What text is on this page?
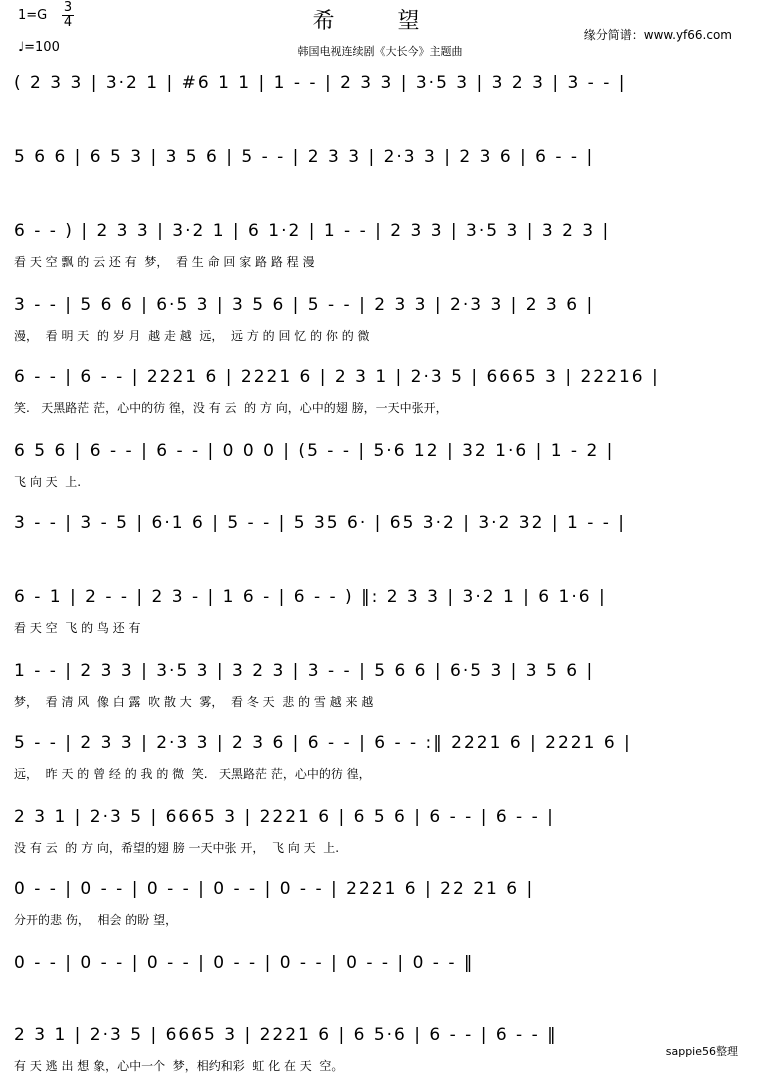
希 望
韩国电视连续剧《大长今》主题曲
缘分简谱：www.yf66.com
1=G
3
4
♩=100
( 2 3 3 | 3·2 1 | #6 1 1 | 1 - - | 2 3 3 | 3·5 3 | 3 2 3 | 3 - - |
5 6 6 | 6 5 3 | 3 5 6 | 5 - - | 2 3 3 | 2·3 3 | 2 3 6 | 6 - - |
6 - - ) | 2 3 3 | 3·2 1 | 6 1·2 | 1 - - | 2 3 3 | 3·5 3 | 3 2 3 |
看 天 空 飘 的 云 还 有  梦，  看 生 命 回 家 路 路 程 漫
3 - - | 5 6 6 | 6·5 3 | 3 5 6 | 5 - - | 2 3 3 | 2·3 3 | 2 3 6 |
漫，  看 明 天  的 岁 月  越 走 越  远，  远 方 的 回 忆 的 你 的 微
6 - - | 6 - - | 2221 6 | 2221 6 | 2 3 1 | 2·3 5 | 6665 3 | 22216 |
笑.   天黑路茫 茫，心中的彷 徨，没 有 云  的 方 向，心中的翅 膀，一天中张开，
6 5 6 | 6 - - | 6 - - | 0 0 0 | (5 - - | 5·6 12 | 32 1·6 | 1 - 2 |
飞 向 天  上.
3 - - | 3 - 5 | 6·1 6 | 5 - - | 5 35 6· | 65 3·2 | 3·2 32 | 1 - - |
6 - 1 | 2 - - | 2 3 - | 1 6 - | 6 - - ) ‖: 2 3 3 | 3·2 1 | 6 1·6 |
看 天 空  飞 的 鸟 还 有
1 - - | 2 3 3 | 3·5 3 | 3 2 3 | 3 - - | 5 6 6 | 6·5 3 | 3 5 6 |
梦，  看 清 风  像 白 露  吹 散 大  雾，  看 冬 天  悲 的 雪 越 来 越
5 - - | 2 3 3 | 2·3 3 | 2 3 6 | 6 - - | 6 - - :‖ 2221 6 | 2221 6 |
远，  昨 天 的 曾 经 的 我 的 微  笑.   天黑路茫 茫，心中的彷 徨，
2 3 1 | 2·3 5 | 6665 3 | 2221 6 | 6 5 6 | 6 - - | 6 - - |
没 有 云  的 方 向，希望的翅 膀 一天中张 开，  飞 向 天  上.
0 - - | 0 - - | 0 - - | 0 - - | 0 - - | 2221 6 | 22 21 6 |
分开的悲 伤，  相会 的盼 望，
0 - - | 0 - - | 0 - - | 0 - - | 0 - - | 0 - - | 0 - - ‖
2 3 1 | 2·3 5 | 6665 3 | 2221 6 | 6 5·6 | 6 - - | 6 - - ‖
有 天 逃 出 想 象，心中一个  梦，相约和彩  虹 化 在 天  空。
sappie56整理
